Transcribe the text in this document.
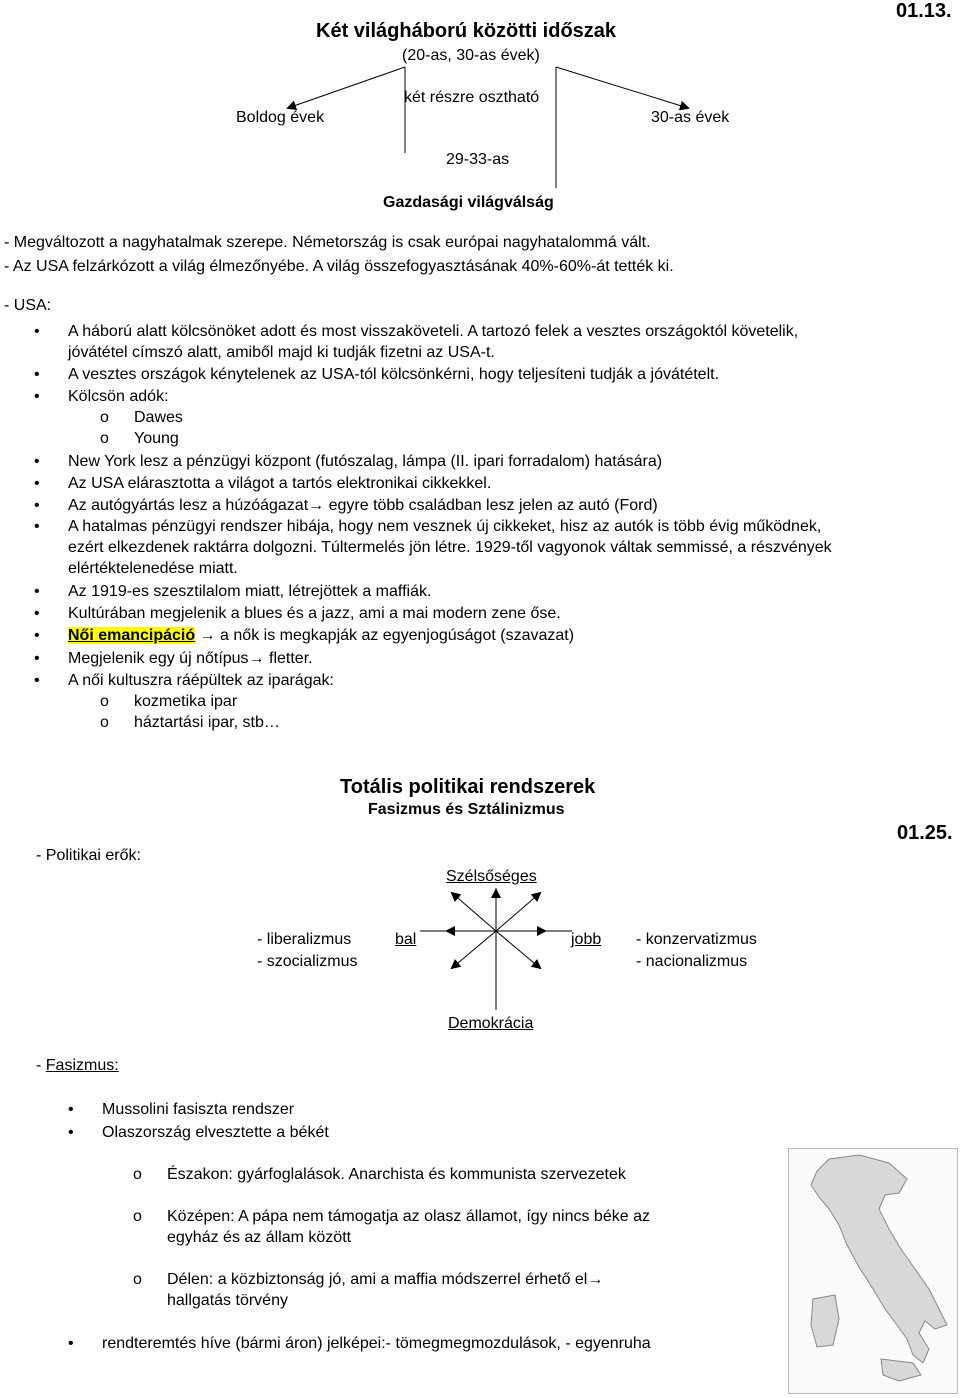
Két világháború közötti időszak
01.13.
(20-as, 30-as évek)
két részre osztható
Boldog évek	30-as évek
29-33-as
Gazdasági világválság
- Megváltozott a nagyhatalmak szerepe. Németország is csak európai nagyhatalommá vált.
- Az USA felzárkózott a világ élmezőnyébe. A világ összefogyasztásának 40%-60%-át tették ki.
- USA:
• A háború alatt kölcsönöket adott és most visszaköveteli. A tartozó felek a vesztes országoktól követelik,
jóvátétel címszó alatt, amiből majd ki tudják fizetni az USA-t.
• A vesztes országok kénytelenek az USA-tól kölcsönkérni, hogy teljesíteni tudják a jóvátételt.
• Kölcsön adók:
o Dawes
o Young
• New York lesz a pénzügyi központ (futószalag, lámpa (II. ipari forradalom) hatására)
• Az USA elárasztotta a világot a tartós elektronikai cikkekkel.
• Az autógyártás lesz a húzóágazat→ egyre több családban lesz jelen az autó (Ford)
• A hatalmas pénzügyi rendszer hibája, hogy nem vesznek új cikkeket, hisz az autók is több évig működnek,
ezért elkezdenek raktárra dolgozni. Túltermelés jön létre. 1929-től vagyonok váltak semmissé, a részvények
elértéktelenedése miatt.
• Az 1919-es szesztilalom miatt, létrejöttek a maffiák.
• Kultúrában megjelenik a blues és a jazz, ami a mai modern zene őse.
• Női emancipáció → a nők is megkapják az egyenjogúságot (szavazat)
• Megjelenik egy új nőtípus→ fletter.
• A női kultuszra ráépültek az iparágak:
o kozmetika ipar
o háztartási ipar, stb…
Totális politikai rendszerek
Fasizmus és Sztálinizmus
01.25.
- Politikai erők:
Szélsőséges
bal	jobb
- liberalizmus
- szocializmus
- konzervatizmus
- nacionalizmus
Demokrácia
- Fasizmus:
• Mussolini fasiszta rendszer
• Olaszország elvesztette a békét
o Északon: gyárfoglalások. Anarchista és kommunista szervezetek
o Középen: A pápa nem támogatja az olasz államot, így nincs béke az
egyház és az állam között
o Délen: a közbiztonság jó, ami a maffia módszerrel érhető el→
hallgatás törvény
• rendteremtés híve (bármi áron) jelképei:- tömegmegmozdulások, - egyenruha
